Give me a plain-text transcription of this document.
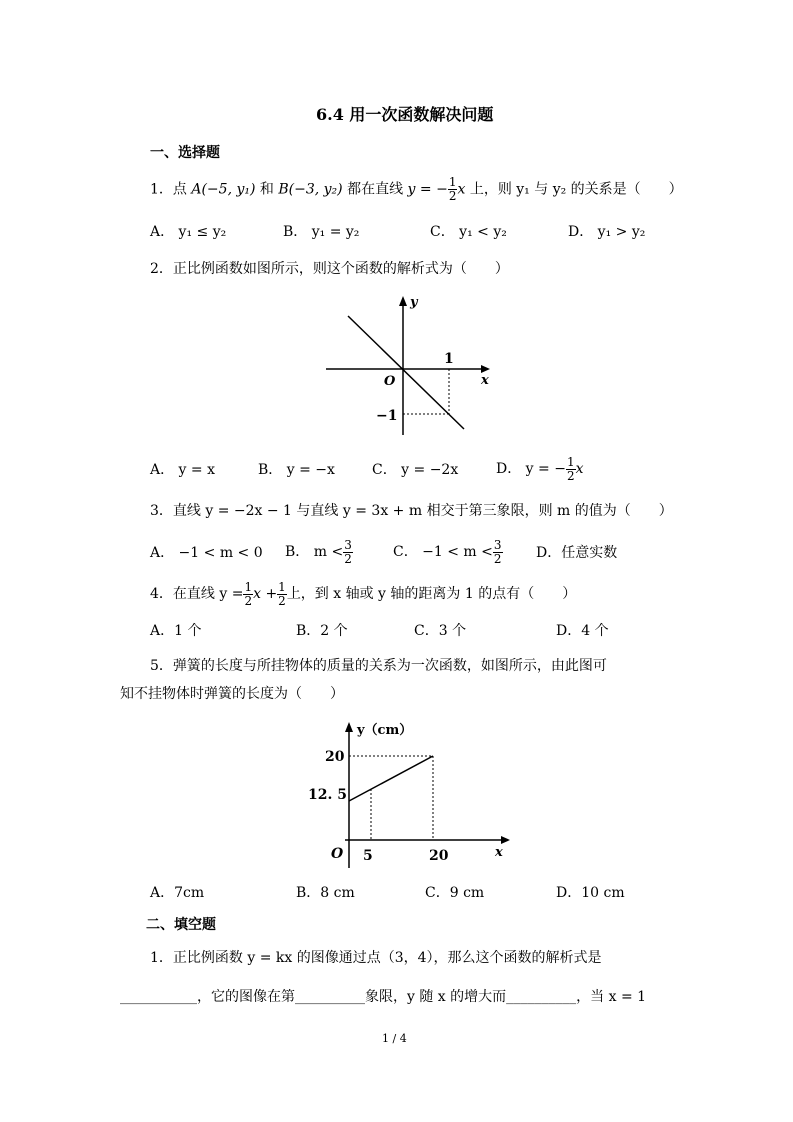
6.4 用一次函数解决问题
一、选择题
1．点 A(−5, y₁) 和 B(−3, y₂) 都在直线 y = − $\frac{1}{2}$ x 上，则 y₁ 与 y₂ 的关系是（　　）
A． y₁ ≤ y₂	B． y₁ = y₂	C． y₁ < y₂	D． y₁ > y₂
2．正比例函数如图所示，则这个函数的解析式为（　　）
y
x
O
1
−1
A． y = x	B． y = −x	C． y = −2x	D． y = − $\frac{1}{2}$ x
3．直线 y = −2x − 1 与直线 y = 3x + m 相交于第三象限，则 m 的值为（　　）
A． −1 < m < 0 B． $m < \frac{3}{2}$	C． $-1 < m < \frac{3}{2}$ D．任意实数
4．在直线 $y = \frac{1}{2}$ $x + \frac{1}{2}$ 上，到 x 轴或 y 轴的距离为 1 的点有（　　）
A．1 个	B．2 个	C．3 个	D．4 个
5．弹簧的长度与所挂物体的质量的关系为一次函数，如图所示，由此图可
知不挂物体时弹簧的长度为（　　）
y（cm）
x
O
20
12. 5
5	20
A．7cm	B．8 cm	C．9 cm	D．10 cm
二、填空题
1．正比例函数 y = kx 的图像通过点（3，4），那么这个函数的解析式是
___________，它的图像在第__________象限，y 随 x 的增大而__________，当 x = 1
1 / 4
